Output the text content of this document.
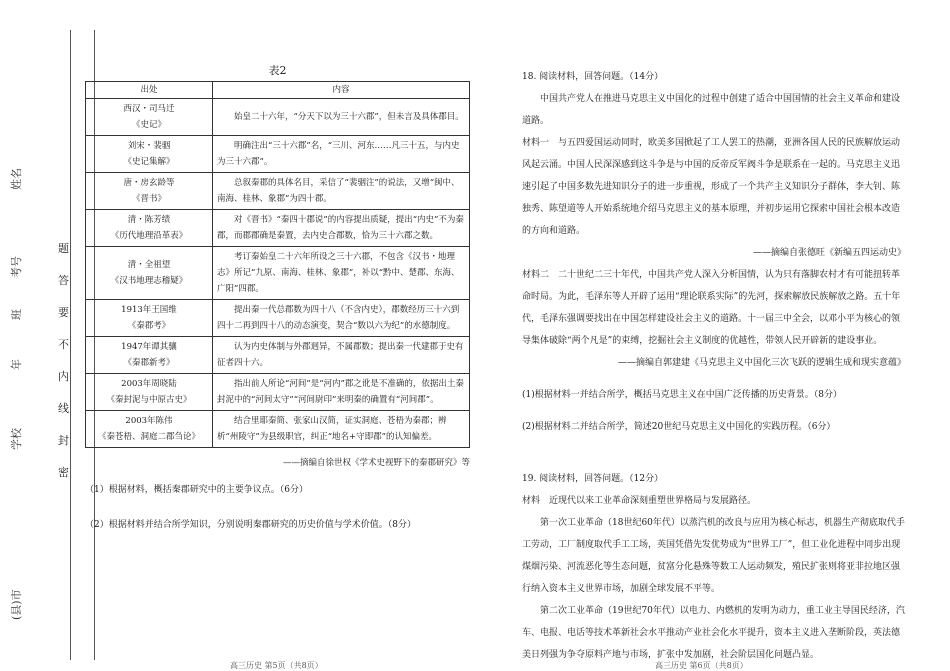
(县)市
学校
年
班
考号
姓名
题
答
要
不
内
线
封
密
表2
出处	内容

西汉・司马迁
《史记》	始皇二十六年，“分天下以为三十六郡”，但未言及具体郡目。

刘宋・裴骃
《史记集解》	明确注出“三十六郡”名，“三川、河东……凡三十五，与内史为三十六郡”。

唐・房玄龄等
《晋书》	总叙秦郡的具体名目，采信了“裴骃注”的说法，又增“闽中、南海、桂林、象郡”为四十郡。

清・陈芳绩
《历代地理沿革表》	对《晋书》“秦四十郡说”的内容提出质疑，提出“内史”不为秦郡，而郡郡确是秦置，去内史合郡数，恰为三十六郡之数。

清・全祖望
《汉书地理志稽疑》	考订秦始皇二十六年所设之三十六郡，不包含《汉书・地理志》所记“九原、南海、桂林、象郡”，补以“黔中、楚郡、东海、广阳”四郡。

1913年王国维
《秦郡考》	提出秦一代总郡数为四十八（不含内史），郡数经历三十六到四十二再到四十八的动态演变，契合“数以六为纪”的水德制度。

1947年谭其骧
《秦郡新考》	认为内史体制与外郡迥异，不属郡数；提出秦一代建郡于史有征者四十六。

2003年周晓陆
《秦封泥与中原古史》	指出前人所论“河间”是“河内”郡之讹是不准确的，依据出土秦封泥中的“河间太守”“河间尉印”来明秦的确置有“河间郡”。

2003年陈伟
《秦苍梧、洞庭二郡刍论》	结合里耶秦简、张家山汉简，证实洞庭、苍梧为秦郡；辨析“州陵守”为县级职官，纠正“地名+守即郡”的认知偏差。
——摘编自徐世权《学术史视野下的秦郡研究》等
（1）根据材料，概括秦郡研究中的主要争议点。（6分）
（2）根据材料并结合所学知识，分别说明秦郡研究的历史价值与学术价值。（8分）
高三历史 第5页（共8页）

18. 阅读材料，回答问题。（14分）

中国共产党人在推进马克思主义中国化的过程中创建了适合中国国情的社会主义革命和建设道路。

材料一　与五四爱国运动同时，欧美多国掀起了工人罢工的热潮，亚洲各国人民的民族解放运动风起云涌。中国人民深深感到这斗争是与中国的反帝反军阀斗争是联系在一起的。马克思主义迅速引起了中国多数先进知识分子的进一步重视，形成了一个共产主义知识分子群体，李大钊、陈独秀、陈望道等人开始系统地介绍马克思主义的基本原理，并初步运用它探索中国社会根本改造的方向和道路。

——摘编自张德旺《新编五四运动史》

材料二　二十世纪二三十年代，中国共产党人深入分析国情，认为只有落脚农村才有可能扭转革命时局。为此，毛泽东等人开辟了运用“理论联系实际”的先河，探索解放民族解放之路。五十年代，毛泽东强调要找出在中国怎样建设社会主义的道路。十一届三中全会，以邓小平为核心的领导集体破除“两个凡是”的束缚，挖掘社会主义制度的优越性，带领人民开辟新的建设事业。

——摘编自郭建建《马克思主义中国化三次飞跃的逻辑生成和现实意蕴》

(1)根据材料一并结合所学，概括马克思主义在中国广泛传播的历史背景。（8分）

(2)根据材料二并结合所学，简述20世纪马克思主义中国化的实践历程。（6分）

19. 阅读材料，回答问题。（12分）

材料　近现代以来工业革命深刻重塑世界格局与发展路径。

第一次工业革命（18世纪60年代）以蒸汽机的改良与应用为核心标志，机器生产彻底取代手工劳动，工厂制度取代手工工场，英国凭借先发优势成为“世界工厂”，但工业化进程中同步出现煤烟污染、河流恶化等生态问题，贫富分化悬殊等数工人运动频发，殖民扩张则将亚非拉地区强行纳入资本主义世界市场，加剧全球发展不平等。

第二次工业革命（19世纪70年代）以电力、内燃机的发明为动力，重工业主导国民经济，汽车、电报、电话等技术革新社会水平推动产业社会化水平提升，资本主义进入垄断阶段，英法德美日列强为争夺原料产地与市场，扩张中发加剧，社会阶层国化问题凸显。

高三历史 第6页（共8页）
